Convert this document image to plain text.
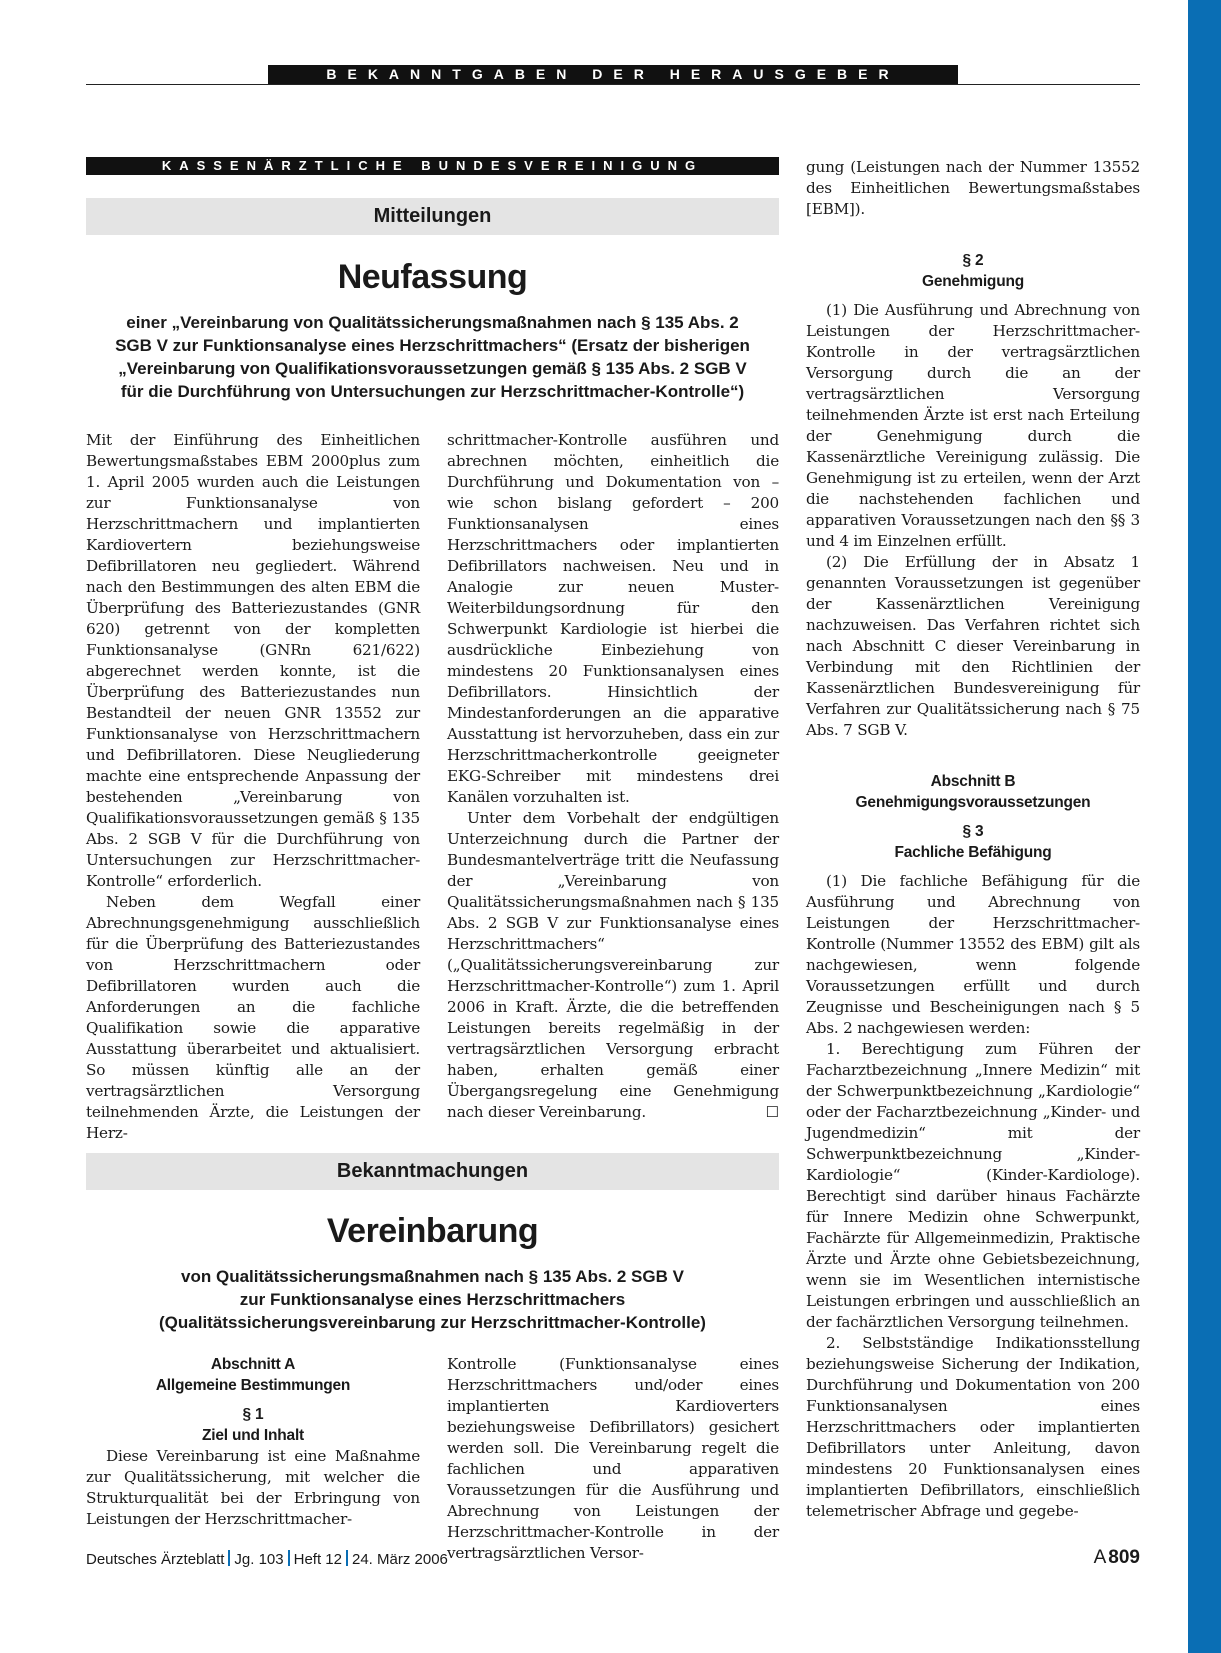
BEKANNTGABEN DER HERAUSGEBER
KASSENÄRZTLICHE BUNDESVEREINIGUNG
Mitteilungen
Neufassung
einer „Vereinbarung von Qualitätssicherungsmaßnahmen nach § 135 Abs. 2
SGB V zur Funktionsanalyse eines Herzschrittmachers“ (Ersatz der bisherigen
„Vereinbarung von Qualifikationsvoraussetzungen gemäß § 135 Abs. 2 SGB V
für die Durchführung von Untersuchungen zur Herzschrittmacher-Kontrolle“)

Mit der Einführung des Einheitlichen Bewertungsmaßstabes EBM 2000plus zum 1. April 2005 wurden auch die Leistungen zur Funktionsanalyse von Herzschrittmachern und implantierten Kardiovertern beziehungsweise Defibrillatoren neu gegliedert. Während nach den Bestimmungen des alten EBM die Überprüfung des Batteriezustandes (GNR 620) getrennt von der kompletten Funktionsanalyse (GNRn 621/622) abgerechnet werden konnte, ist die Überprüfung des Batteriezustandes nun Bestandteil der neuen GNR 13552 zur Funktionsanalyse von Herzschrittmachern und Defibrillatoren. Diese Neugliederung machte eine entsprechende Anpassung der bestehenden „Vereinbarung von Qualifikationsvoraussetzungen gemäß § 135 Abs. 2 SGB V für die Durchführung von Untersuchungen zur Herzschrittmacher-Kontrolle“ erforderlich.

Neben dem Wegfall einer Abrechnungsgenehmigung ausschließlich für die Überprüfung des Batteriezustandes von Herzschrittmachern oder Defibrillatoren wurden auch die Anforderungen an die fachliche Qualifikation sowie die apparative Ausstattung überarbeitet und aktualisiert. So müssen künftig alle an der vertragsärztlichen Versorgung teilnehmenden Ärzte, die Leistungen der Herz-

schrittmacher-Kontrolle ausführen und abrechnen möchten, einheitlich die Durchführung und Dokumentation von – wie schon bislang gefordert – 200 Funktionsanalysen eines Herzschrittmachers oder implantierten Defibrillators nachweisen. Neu und in Analogie zur neuen Muster-Weiterbildungsordnung für den Schwerpunkt Kardiologie ist hierbei die ausdrückliche Einbeziehung von mindestens 20 Funktionsanalysen eines Defibrillators. Hinsichtlich der Mindestanforderungen an die apparative Ausstattung ist hervorzuheben, dass ein zur Herzschrittmacherkontrolle geeigneter EKG-Schreiber mit mindestens drei Kanälen vorzuhalten ist.

Unter dem Vorbehalt der endgültigen Unterzeichnung durch die Partner der Bundesmantelverträge tritt die Neufassung der „Vereinbarung von Qualitätssicherungsmaßnahmen nach § 135 Abs. 2 SGB V zur Funktionsanalyse eines Herzschrittmachers“ („Qualitätssicherungsvereinbarung zur Herzschrittmacher-Kontrolle“) zum 1. April 2006 in Kraft. Ärzte, die die betreffenden Leistungen bereits regelmäßig in der vertragsärztlichen Versorgung erbracht haben, erhalten gemäß einer Übergangsregelung eine Genehmigung nach dieser Vereinbarung.	☐

Bekanntmachungen
Vereinbarung
von Qualitätssicherungsmaßnahmen nach § 135 Abs. 2 SGB V
zur Funktionsanalyse eines Herzschrittmachers
(Qualitätssicherungsvereinbarung zur Herzschrittmacher-Kontrolle)
Abschnitt A
Allgemeine Bestimmungen
§ 1
Ziel und Inhalt

Diese Vereinbarung ist eine Maßnahme zur Qualitätssicherung, mit welcher die Strukturqualität bei der Erbringung von Leistungen der Herzschrittmacher-

Kontrolle (Funktionsanalyse eines Herzschrittmachers und/oder eines implantierten Kardioverters beziehungsweise Defibrillators) gesichert werden soll. Die Vereinbarung regelt die fachlichen und apparativen Voraussetzungen für die Ausführung und Abrechnung von Leistungen der Herzschrittmacher-Kontrolle in der vertragsärztlichen Versor-

gung (Leistungen nach der Nummer 13552 des Einheitlichen Bewertungsmaßstabes [EBM]).

§ 2
Genehmigung

(1) Die Ausführung und Abrechnung von Leistungen der Herzschrittmacher-Kontrolle in der vertragsärztlichen Versorgung durch die an der vertragsärztlichen Versorgung teilnehmenden Ärzte ist erst nach Erteilung der Genehmigung durch die Kassenärztliche Vereinigung zulässig. Die Genehmigung ist zu erteilen, wenn der Arzt die nachstehenden fachlichen und apparativen Voraussetzungen nach den §§ 3 und 4 im Einzelnen erfüllt.

(2) Die Erfüllung der in Absatz 1 genannten Voraussetzungen ist gegenüber der Kassenärztlichen Vereinigung nachzuweisen. Das Verfahren richtet sich nach Abschnitt C dieser Vereinbarung in Verbindung mit den Richtlinien der Kassenärztlichen Bundesvereinigung für Verfahren zur Qualitätssicherung nach § 75 Abs. 7 SGB V.

Abschnitt B
Genehmigungsvoraussetzungen
§ 3
Fachliche Befähigung

(1) Die fachliche Befähigung für die Ausführung und Abrechnung von Leistungen der Herzschrittmacher-Kontrolle (Nummer 13552 des EBM) gilt als nachgewiesen, wenn folgende Voraussetzungen erfüllt und durch Zeugnisse und Bescheinigungen nach § 5 Abs. 2 nachgewiesen werden:

1. Berechtigung zum Führen der Facharztbezeichnung „Innere Medizin“ mit der Schwerpunktbezeichnung „Kardiologie“ oder der Facharztbezeichnung „Kinder- und Jugendmedizin“ mit der Schwerpunktbezeichnung „Kinder-Kardiologie“ (Kinder-Kardiologe). Berechtigt sind darüber hinaus Fachärzte für Innere Medizin ohne Schwerpunkt, Fachärzte für Allgemeinmedizin, Praktische Ärzte und Ärzte ohne Gebietsbezeichnung, wenn sie im Wesentlichen internistische Leistungen erbringen und ausschließlich an der fachärztlichen Versorgung teilnehmen.

2. Selbstständige Indikationsstellung beziehungsweise Sicherung der Indikation, Durchführung und Dokumentation von 200 Funktionsanalysen eines Herzschrittmachers oder implantierten Defibrillators unter Anleitung, davon mindestens 20 Funktionsanalysen eines implantierten Defibrillators, einschließlich telemetrischer Abfrage und gegebe-

Deutsches Ärzteblatt Jg. 103 Heft 12 24. März 2006	A 809
